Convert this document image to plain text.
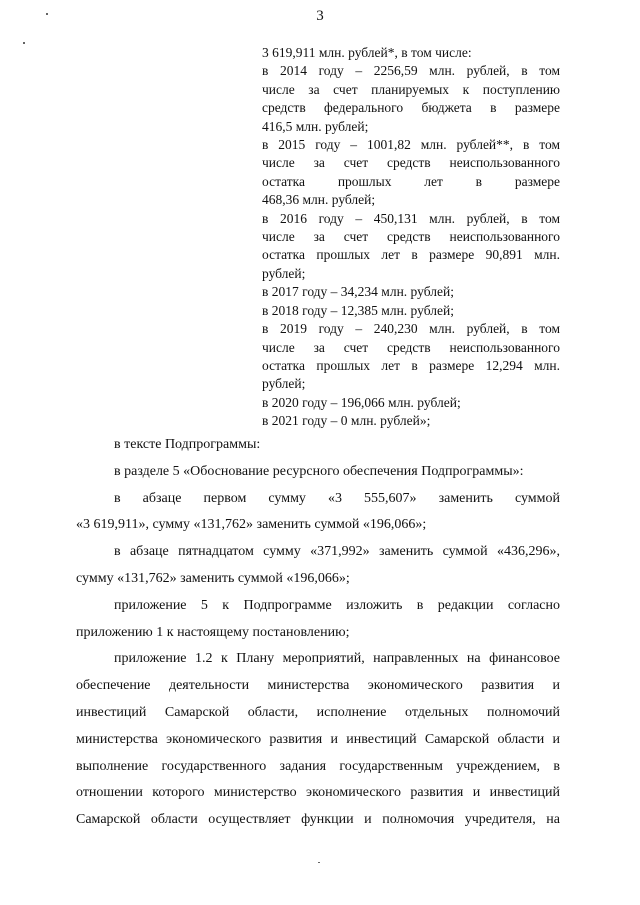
3
3 619,911 млн. рублей*, в том числе:
в 2014 году – 2256,59 млн. рублей, в том
числе за счет планируемых к поступлению
средств федерального бюджета в размере
416,5 млн. рублей;
в 2015 году – 1001,82 млн. рублей**, в том
числе за счет средств неиспользованного
остатка прошлых лет в размере
468,36 млн. рублей;
в 2016 году – 450,131 млн. рублей, в том
числе за счет средств неиспользованного
остатка прошлых лет в размере 90,891 млн.
рублей;
в 2017 году – 34,234 млн. рублей;
в 2018 году – 12,385 млн. рублей;
в 2019 году – 240,230 млн. рублей, в том
числе за счет средств неиспользованного
остатка прошлых лет в размере 12,294 млн.
рублей;
в 2020 году – 196,066 млн. рублей;
в 2021 году – 0 млн. рублей»;
в тексте Подпрограммы:
в разделе 5 «Обоснование ресурсного обеспечения Подпрограммы»:
в абзаце первом сумму «3 555,607» заменить суммой
«3 619,911», сумму «131,762» заменить суммой «196,066»;
в абзаце пятнадцатом сумму «371,992» заменить суммой «436,296»,
сумму «131,762» заменить суммой «196,066»;
приложение 5 к Подпрограмме изложить в редакции согласно
приложению 1 к настоящему постановлению;
приложение 1.2 к Плану мероприятий, направленных на финансовое
обеспечение деятельности министерства экономического развития и
инвестиций Самарской области, исполнение отдельных полномочий
министерства экономического развития и инвестиций Самарской области и
выполнение государственного задания государственным учреждением, в
отношении которого министерство экономического развития и инвестиций
Самарской области осуществляет функции и полномочия учредителя, на
